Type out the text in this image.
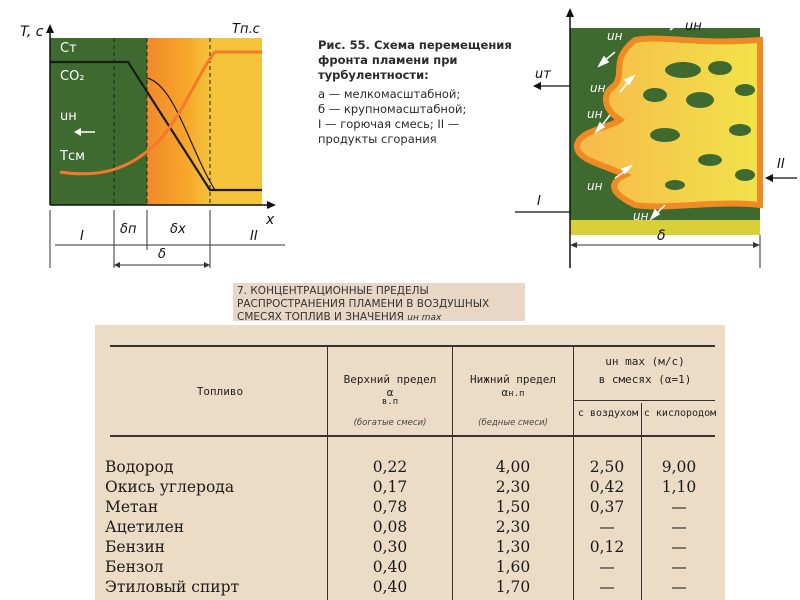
T, c
x
Tп.с
Cт
CO₂
uн
Tсм
I	δп	δx	II
δ
Рис. 55. Схема перемещения фронта пламени при турбулентности:
а — мелкомасштабной;
б — крупномасштабной;
I — горючая смесь; II — продукты сгорания
uн
uн
uт
uн
uн
uн
uн
I
II
δ
7. КОНЦЕНТРАЦИОННЫЕ ПРЕДЕЛЫ РАСПРОСТРАНЕНИЯ ПЛАМЕНИ В ВОЗДУШНЫХ СМЕСЯХ ТОПЛИВ И ЗНАЧЕНИЯ uн max
Топливо
Верхний предел
α
в.п
(богатые смеси)
Нижний предел
αн.п
(бедные смеси)
uн max (м/с)
в смесях (α=1)
с воздухом с кислородом
Водород	0,22	4,00	2,50	9,00
Окись углерода	0,17	2,30	0,42	1,10
Метан	0,78	1,50	0,37	—
Ацетилен	0,08	2,30	—	—
Бензин	0,30	1,30	0,12	—
Бензол	0,40	1,60	—	—
Этиловый спирт	0,40	1,70	—	—
